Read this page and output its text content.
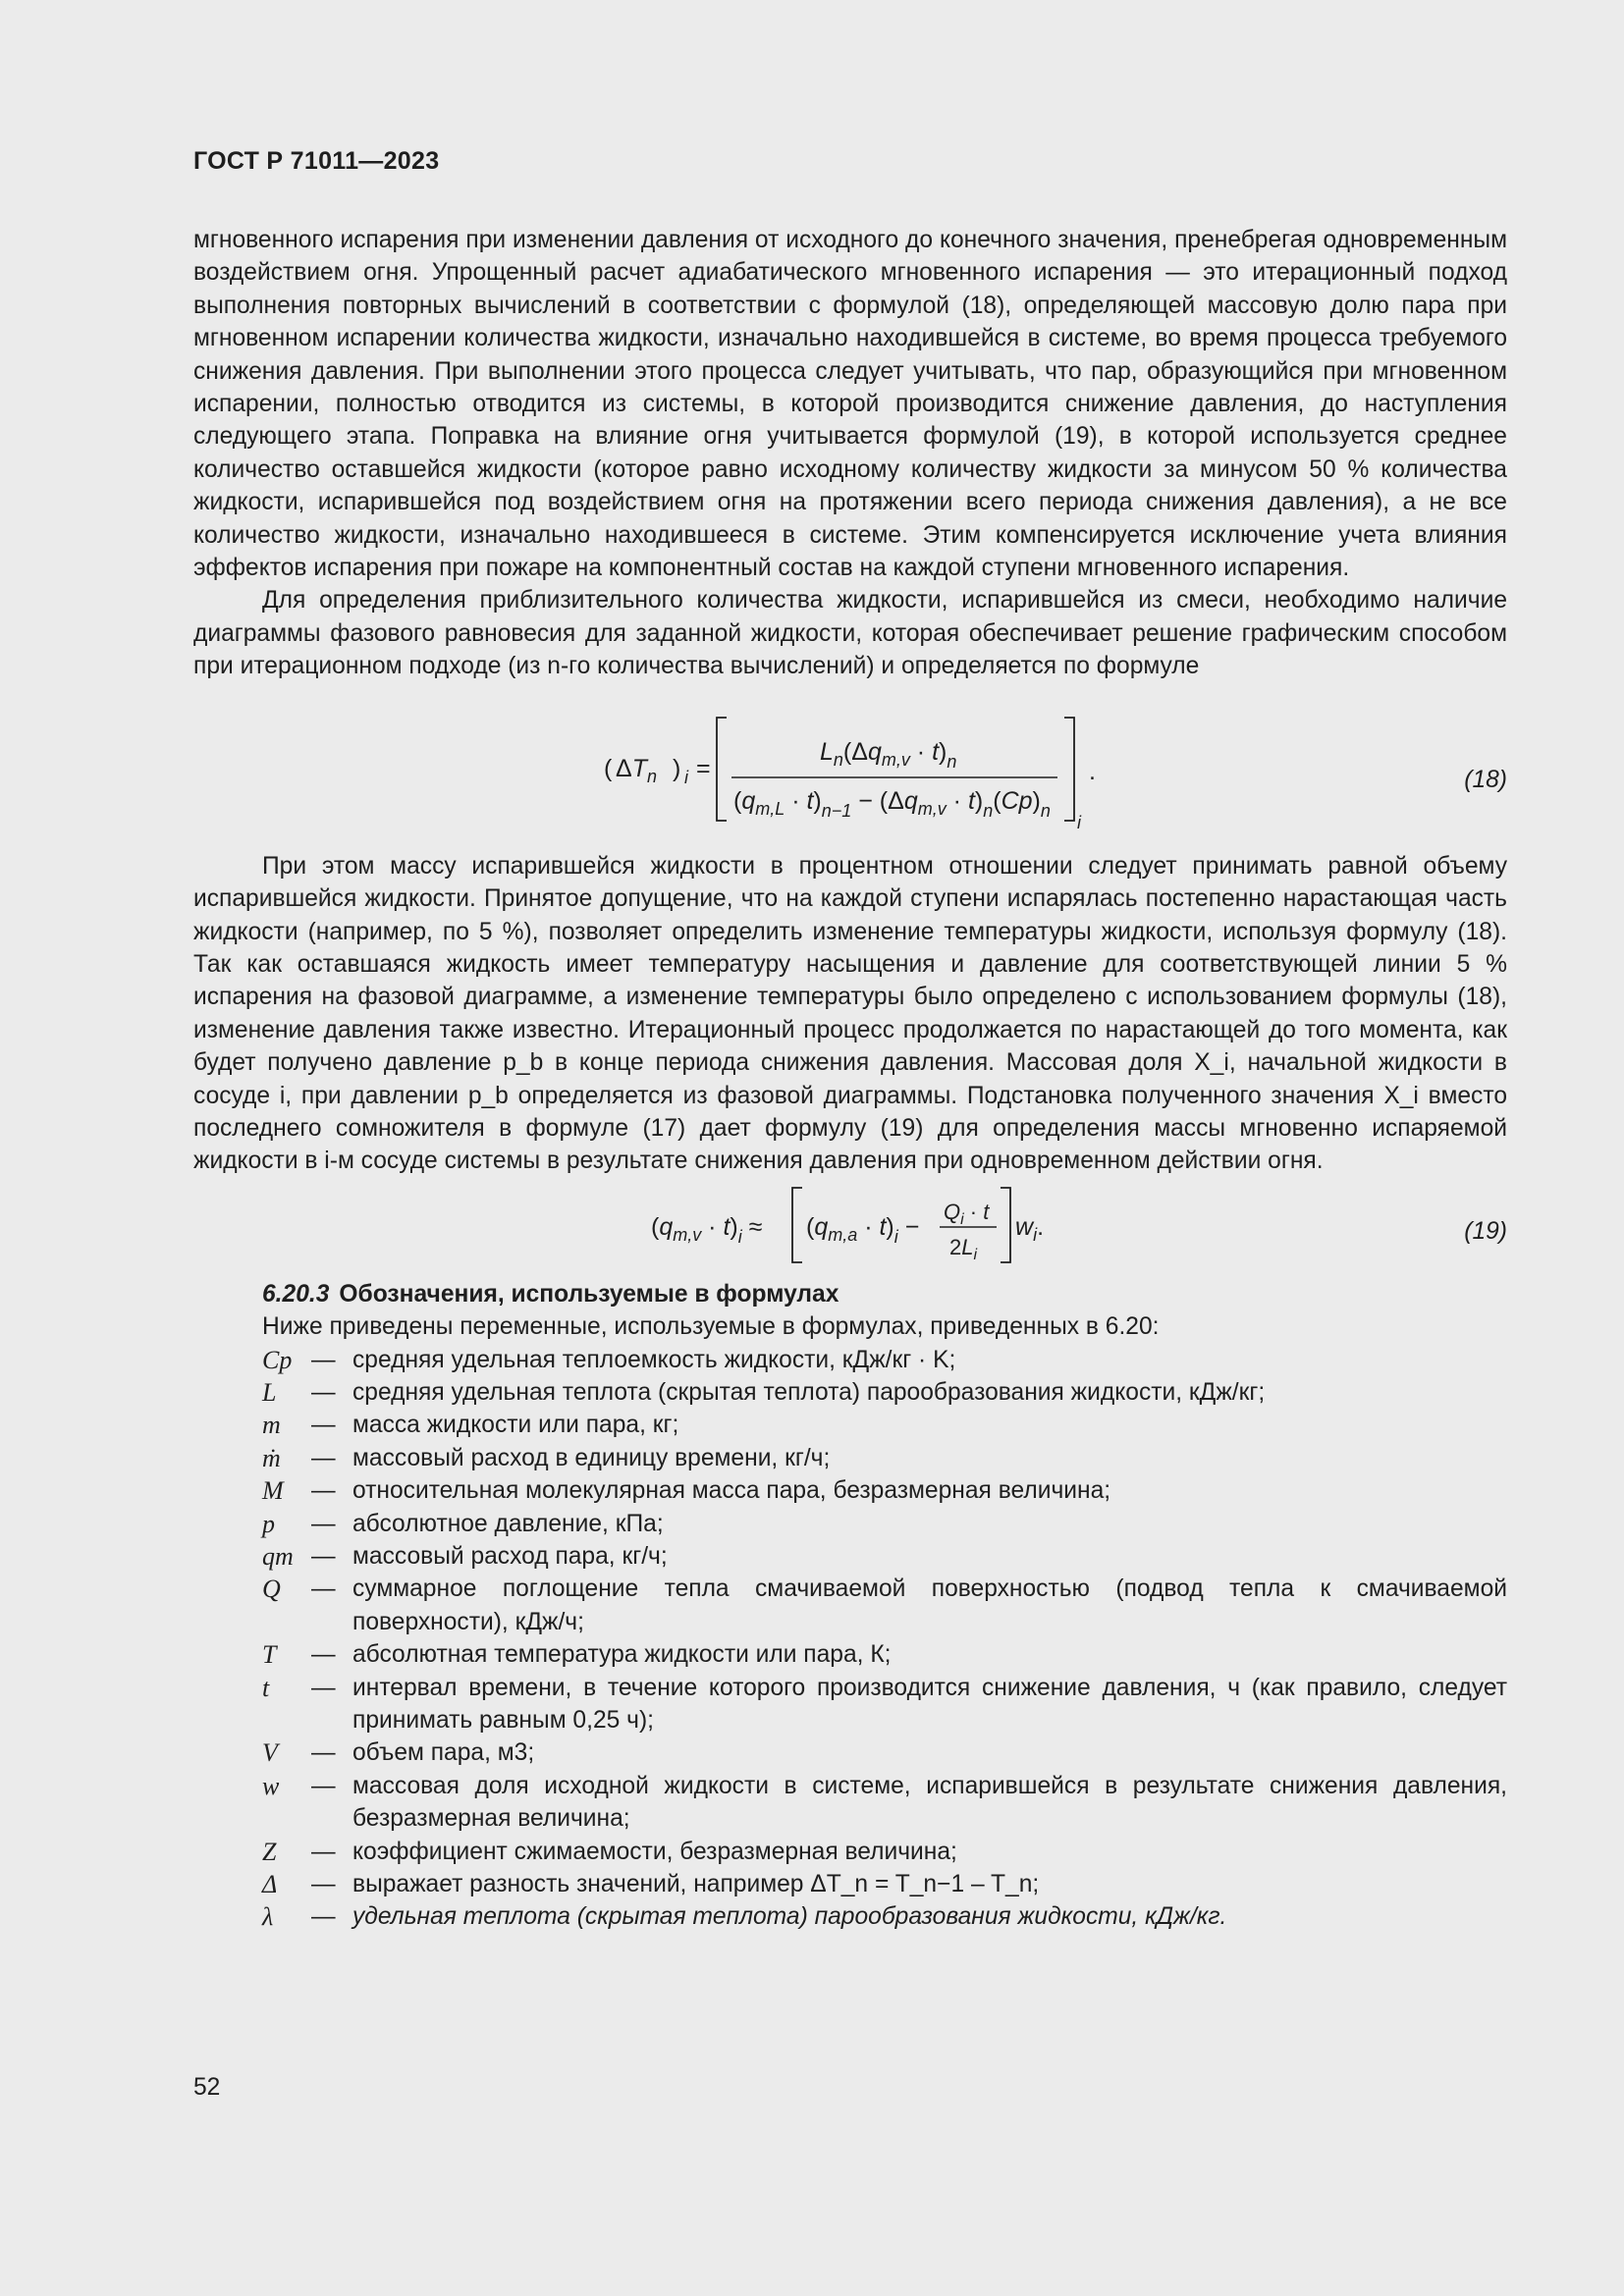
ГОСТ Р 71011—2023

мгновенного испарения при изменении давления от исходного до конечного значения, пренебрегая одновременным воздействием огня. Упрощенный расчет адиабатического мгновенного испарения — это итерационный подход выполнения повторных вычислений в соответствии с формулой (18), определяющей массовую долю пара при мгновенном испарении количества жидкости, изначально находившейся в системе, во время процесса требуемого снижения давления. При выполнении этого процесса следует учитывать, что пар, образующийся при мгновенном испарении, полностью отводится из системы, в которой производится снижение давления, до наступления следующего этапа. Поправка на влияние огня учитывается формулой (19), в которой используется среднее количество оставшейся жидкости (которое равно исходному количеству жидкости за минусом 50 % количества жидкости, испарившейся под воздействием огня на протяжении всего периода снижения давления), а не все количество жидкости, изначально находившееся в системе. Этим компенсируется исключение учета влияния эффектов испарения при пожаре на компонентный состав на каждой ступени мгновенного испарения.

Для определения приблизительного количества жидкости, испарившейся из смеси, необходимо наличие диаграммы фазового равновесия для заданной жидкости, которая обеспечивает решение графическим способом при итерационном подходе (из n-го количества вычислений) и определяется по формуле

( $\Delta T_n$ ) i =
$L_n(\Delta q_{m,v} \cdot t)_n$
$(q_{m,L} \cdot t)_{n-1} - (\Delta q_{m,v} \cdot t)_n(Cp)_n$
i
.	(18)

При этом массу испарившейся жидкости в процентном отношении следует принимать равной объему испарившейся жидкости. Принятое допущение, что на каждой ступени испарялась постепенно нарастающая часть жидкости (например, по 5 %), позволяет определить изменение температуры жидкости, используя формулу (18). Так как оставшаяся жидкость имеет температуру насыщения и давление для соответствующей линии 5 % испарения на фазовой диаграмме, а изменение температуры было определено с использованием формулы (18), изменение давления также известно. Итерационный процесс продолжается по нарастающей до того момента, как будет получено давление p_b в конце периода снижения давления. Массовая доля X_i, начальной жидкости в сосуде i, при давлении p_b определяется из фазовой диаграммы. Подстановка полученного значения X_i вместо последнего сомножителя в формуле (17) дает формулу (19) для определения массы мгновенно испаряемой жидкости в i-м сосуде системы в результате снижения давления при одновременном действии огня.

$(q_{m,v} \cdot t)_i \approx (q_{m,a} \cdot t)_i$ −
$Q_i \cdot t$
$2L_i$
$w_i$.	(19)

6.20.3 Обозначения, используемые в формулах

Ниже приведены переменные, используемые в формулах, приведенных в 6.20:

Cp — средняя удельная теплоемкость жидкости, кДж/кг · K;
L	— средняя удельная теплота (скрытая теплота) парообразования жидкости, кДж/кг;
m	— масса жидкости или пара, кг;
ṁ	— массовый расход в единицу времени, кг/ч;
M	— относительная молекулярная масса пара, безразмерная величина;
p	— абсолютное давление, кПа;
qm — массовый расход пара, кг/ч;
Q	— суммарное поглощение тепла смачиваемой поверхностью (подвод тепла к смачиваемой поверхности), кДж/ч;
T	— абсолютная температура жидкости или пара, К;
t	— интервал времени, в течение которого производится снижение давления, ч (как правило, следует принимать равным 0,25 ч);
V	— объем пара, м3;
w	— массовая доля исходной жидкости в системе, испарившейся в результате снижения давления, безразмерная величина;
Z	— коэффициент сжимаемости, безразмерная величина;
Δ	— выражает разность значений, например ΔT_n = T_n−1 – T_n;
λ	— удельная теплота (скрытая теплота) парообразования жидкости, кДж/кг.
52
